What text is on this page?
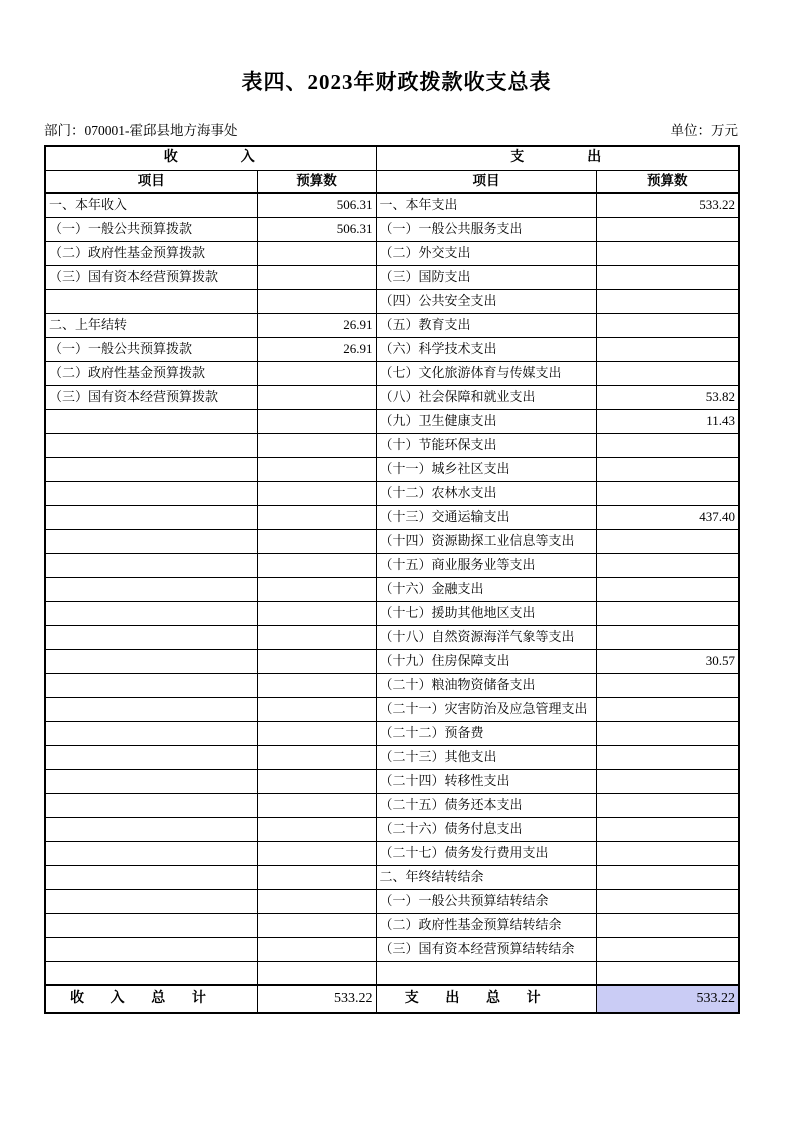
表四、2023年财政拨款收支总表
部门：070001-霍邱县地方海事处	单位：万元
收入		支出	
项目	预算数	项目	预算数
一、本年收入	506.31	一、本年支出	533.22
（一）一般公共预算拨款	506.31	（一）一般公共服务支出	
（二）政府性基金预算拨款		（二）外交支出	
（三）国有资本经营预算拨款		（三）国防支出	
		（四）公共安全支出	
二、上年结转	26.91	（五）教育支出	
（一）一般公共预算拨款	26.91	（六）科学技术支出	
（二）政府性基金预算拨款		（七）文化旅游体育与传媒支出	
（三）国有资本经营预算拨款		（八）社会保障和就业支出	53.82
		（九）卫生健康支出	11.43
		（十）节能环保支出	
		（十一）城乡社区支出	
		（十二）农林水支出	
		（十三）交通运输支出	437.40
		（十四）资源勘探工业信息等支出	
		（十五）商业服务业等支出	
		（十六）金融支出	
		（十七）援助其他地区支出	
		（十八）自然资源海洋气象等支出	
		（十九）住房保障支出	30.57
		（二十）粮油物资储备支出	
		（二十一）灾害防治及应急管理支出	
		（二十二）预备费	
		（二十三）其他支出	
		（二十四）转移性支出	
		（二十五）债务还本支出	
		（二十六）债务付息支出	
		（二十七）债务发行费用支出	
		二、年终结转结余	
		（一）一般公共预算结转结余	
		（二）政府性基金预算结转结余	
		（三）国有资本经营预算结转结余	

收入总计	533.22	支出总计	533.22
